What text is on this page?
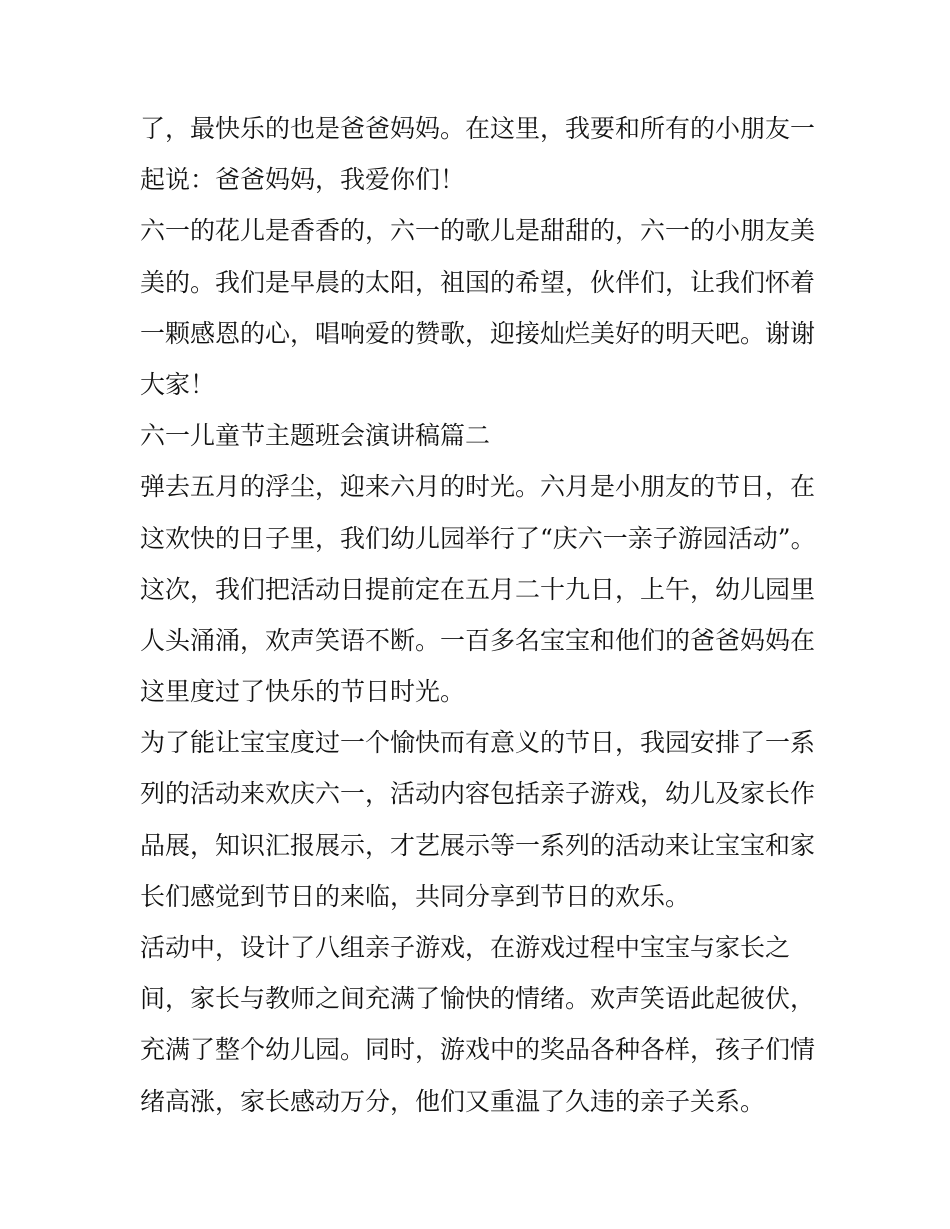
了，最快乐的也是爸爸妈妈。在这里，我要和所有的小朋友一

起说：爸爸妈妈，我爱你们！

六一的花儿是香香的，六一的歌儿是甜甜的，六一的小朋友美

美的。我们是早晨的太阳，祖国的希望，伙伴们，让我们怀着

一颗感恩的心，唱响爱的赞歌，迎接灿烂美好的明天吧。谢谢

大家！

六一儿童节主题班会演讲稿篇二

弹去五月的浮尘，迎来六月的时光。六月是小朋友的节日，在

这欢快的日子里，我们幼儿园举行了“庆六一亲子游园活动”。

这次，我们把活动日提前定在五月二十九日，上午，幼儿园里

人头涌涌，欢声笑语不断。一百多名宝宝和他们的爸爸妈妈在

这里度过了快乐的节日时光。

为了能让宝宝度过一个愉快而有意义的节日，我园安排了一系

列的活动来欢庆六一，活动内容包括亲子游戏，幼儿及家长作

品展，知识汇报展示，才艺展示等一系列的活动来让宝宝和家

长们感觉到节日的来临，共同分享到节日的欢乐。

活动中，设计了八组亲子游戏，在游戏过程中宝宝与家长之

间，家长与教师之间充满了愉快的情绪。欢声笑语此起彼伏，

充满了整个幼儿园。同时，游戏中的奖品各种各样，孩子们情

绪高涨，家长感动万分，他们又重温了久违的亲子关系。
